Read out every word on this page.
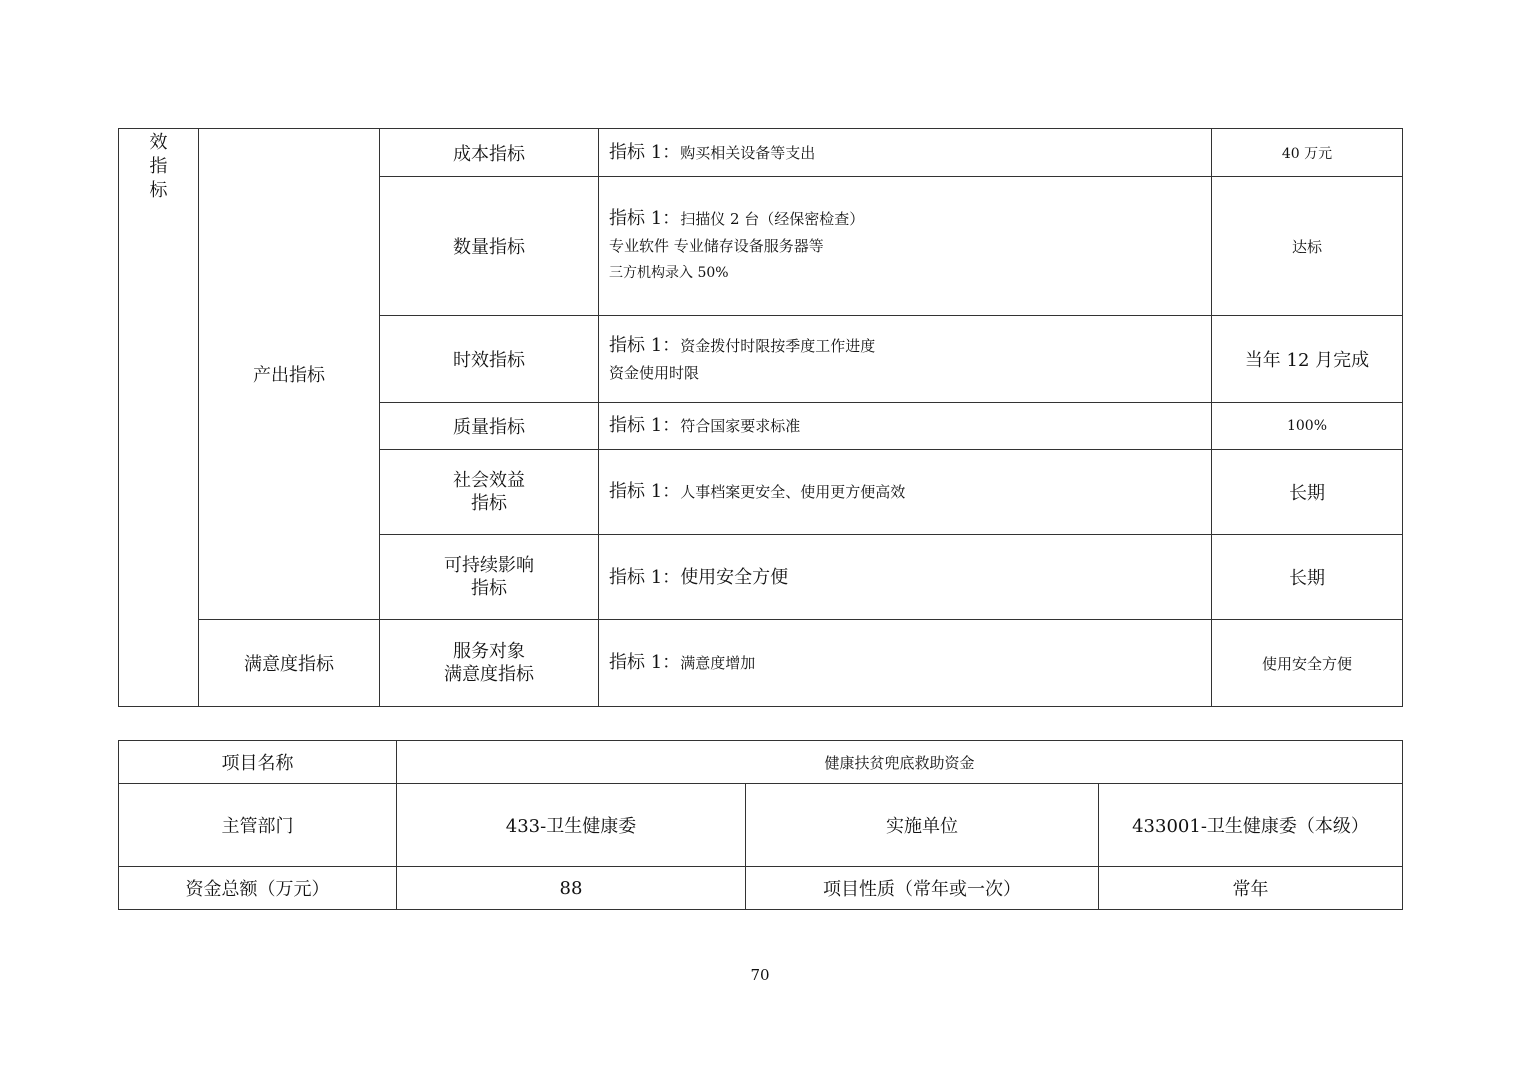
效
指
标	产出指标	成本指标	指标 1：购买相关设备等支出	40 万元
		数量指标	指标 1：扫描仪 2 台（经保密检查）
专业软件 专业储存设备服务器等
三方机构录入 50%	达标
		时效指标	指标 1：资金拨付时限按季度工作进度
资金使用时限	当年 12 月完成
		质量指标	指标 1：符合国家要求标准	100%

		社会效益
指标	指标 1：人事档案更安全、使用更方便高效	长期

		可持续影响
指标	指标 1：使用安全方便	长期
	满意度指标	服务对象
满意度指标	指标 1：满意度增加	使用安全方便
项目名称	健康扶贫兜底救助资金		
主管部门	433-卫生健康委	实施单位	433001-卫生健康委（本级）
资金总额（万元）	88	项目性质（常年或一次）	常年
70
